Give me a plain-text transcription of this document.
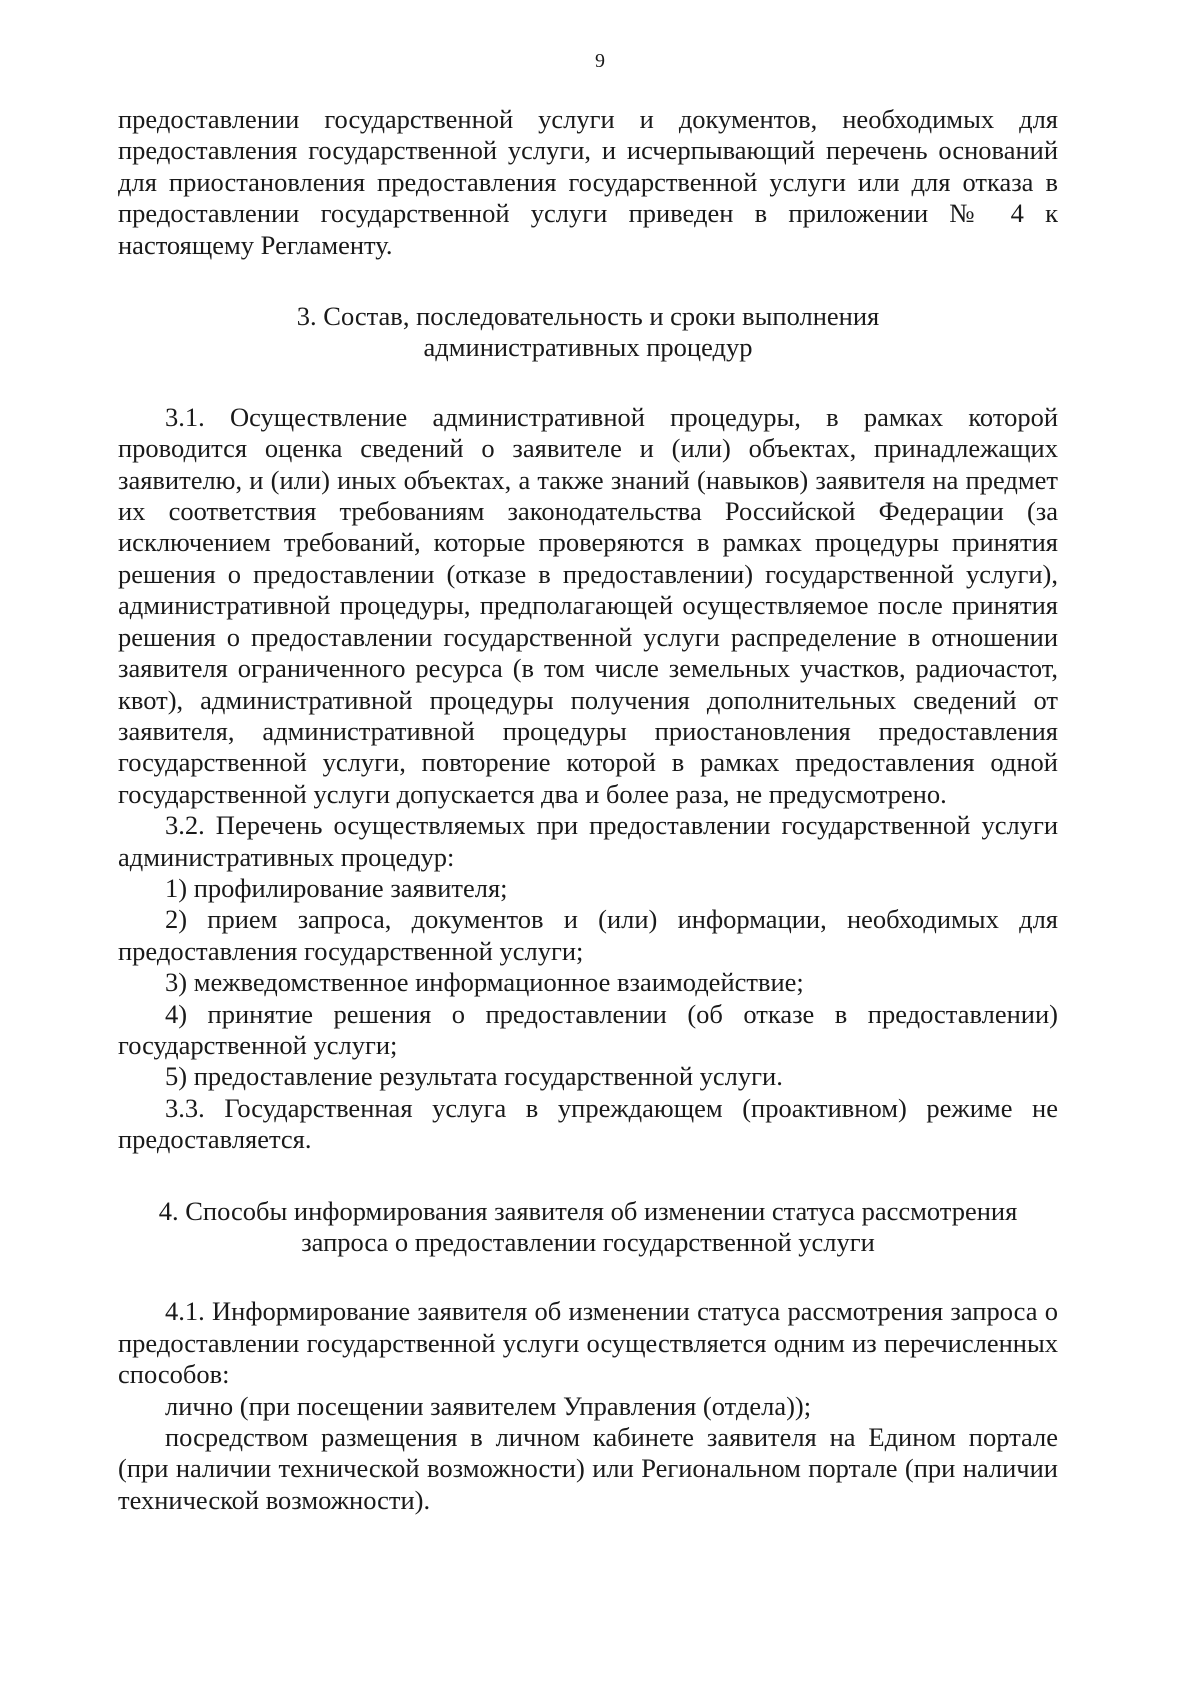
9

предоставлении государственной услуги и документов, необходимых для предоставления государственной услуги, и исчерпывающий перечень оснований для приостановления предоставления государственной услуги или для отказа в предоставлении государственной услуги приведен в приложении № 4 к настоящему Регламенту.

3. Состав, последовательность и сроки выполнения
административных процедур

3.1. Осуществление административной процедуры, в рамках которой проводится оценка сведений о заявителе и (или) объектах, принадлежащих заявителю, и (или) иных объектах, а также знаний (навыков) заявителя на предмет их соответствия требованиям законодательства Российской Федерации (за исключением требований, которые проверяются в рамках процедуры принятия решения о предоставлении (отказе в предоставлении) государственной услуги), административной процедуры, предполагающей осуществляемое после принятия решения о предоставлении государственной услуги распределение в отношении заявителя ограниченного ресурса (в том числе земельных участков, радиочастот, квот), административной процедуры получения дополнительных сведений от заявителя, административной процедуры приостановления предоставления государственной услуги, повторение которой в рамках предоставления одной государственной услуги допускается два и более раза, не предусмотрено.

3.2. Перечень осуществляемых при предоставлении государственной услуги административных процедур:

1) профилирование заявителя;

2) прием запроса, документов и (или) информации, необходимых для предоставления государственной услуги;

3) межведомственное информационное взаимодействие;

4) принятие решения о предоставлении (об отказе в предоставлении) государственной услуги;

5) предоставление результата государственной услуги.

3.3. Государственная услуга в упреждающем (проактивном) режиме не предоставляется.

4. Способы информирования заявителя об изменении статуса рассмотрения
запроса о предоставлении государственной услуги

4.1. Информирование заявителя об изменении статуса рассмотрения запроса о предоставлении государственной услуги осуществляется одним из перечисленных способов:

лично (при посещении заявителем Управления (отдела));

посредством размещения в личном кабинете заявителя на Едином портале (при наличии технической возможности) или Региональном портале (при наличии технической возможности).
